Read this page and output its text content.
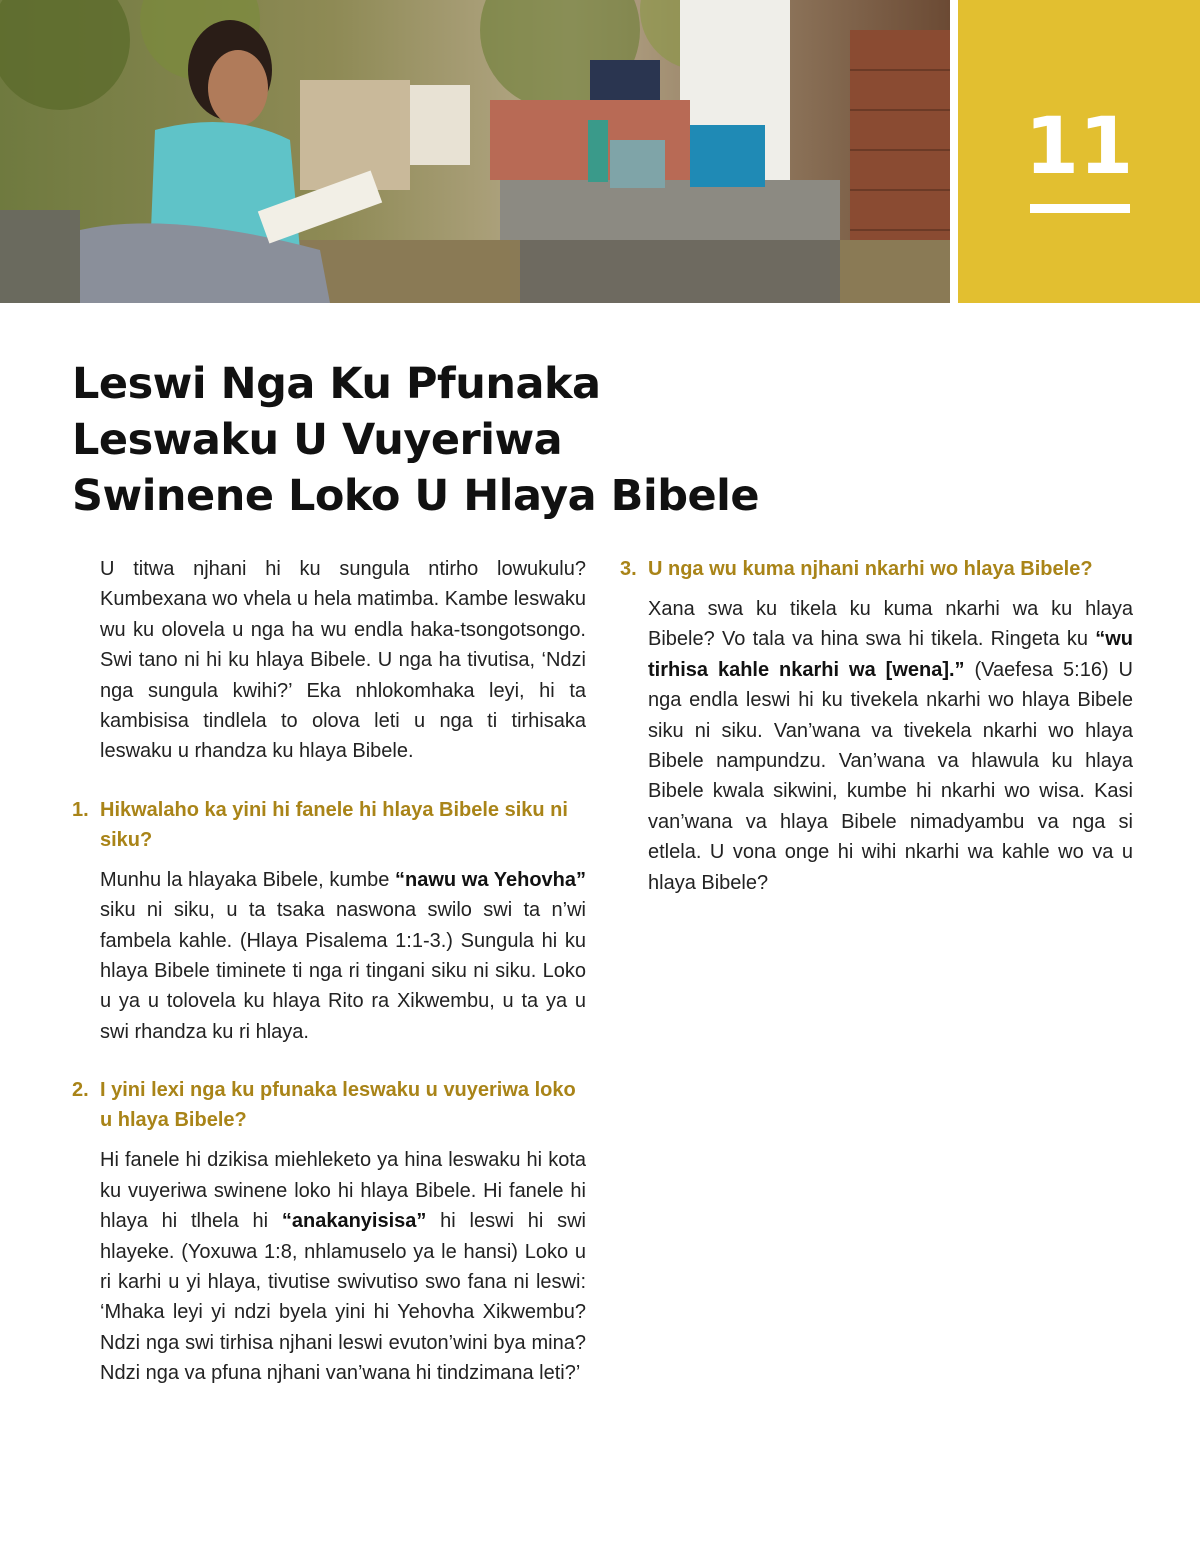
11
Leswi Nga Ku Pfunaka
Leswaku U Vuyeriwa
Swinene Loko U Hlaya Bibele

U titwa njhani hi ku sungula ntirho lowukulu? Kumbexana wo vhela u hela matimba. Kambe leswaku wu ku olovela u nga ha wu endla haka-tsongotsongo. Swi tano ni hi ku hlaya Bibele. U nga ha tivutisa, ‘Ndzi nga sungula kwihi?’ Eka nhlokomhaka leyi, hi ta kambisisa tindlela to olova leti u nga ti tirhisaka leswaku u rhandza ku hlaya Bibele.

1. Hikwalaho ka yini hi fanele hi hlaya Bibele siku ni siku?

Munhu la hlayaka Bibele, kumbe “nawu wa Yehovha” siku ni siku, u ta tsaka naswona swilo swi ta n’wi fambela kahle. (Hlaya Pisalema 1:1-3.) Sungula hi ku hlaya Bibele timinete ti nga ri tingani siku ni siku. Loko u ya u tolovela ku hlaya Rito ra Xikwembu, u ta ya u swi rhandza ku ri hlaya.

2. I yini lexi nga ku pfunaka leswaku u vuyeriwa loko u hlaya Bibele?

Hi fanele hi dzikisa miehleketo ya hina leswaku hi kota ku vuyeriwa swinene loko hi hlaya Bibele. Hi fanele hi hlaya hi tlhela hi “anakanyisisa” hi leswi hi swi hlayeke. (Yoxuwa 1:8, nhlamuselo ya le hansi) Loko u ri karhi u yi hlaya, tivutise swivutiso swo fana ni leswi: ‘Mhaka leyi yi ndzi byela yini hi Yehovha Xikwembu? Ndzi nga swi tirhisa njhani leswi evuton’wini bya mina? Ndzi nga va pfuna njhani van’wana hi tindzimana leti?’

3. U nga wu kuma njhani nkarhi wo hlaya Bibele?

Xana swa ku tikela ku kuma nkarhi wa ku hlaya Bibele? Vo tala va hina swa hi tikela. Ringeta ku “wu tirhisa kahle nkarhi wa [wena].” (Vaefesa 5:16) U nga endla leswi hi ku tivekela nkarhi wo hlaya Bibele siku ni siku. Van’wana va tivekela nkarhi wo hlaya Bibele nampundzu. Van’wana va hlawula ku hlaya Bibele kwala sikwini, kumbe hi nkarhi wo wisa. Kasi van’wana va hlaya Bibele nimadyambu va nga si etlela. U vona onge hi wihi nkarhi wa kahle wo va u hlaya Bibele?
